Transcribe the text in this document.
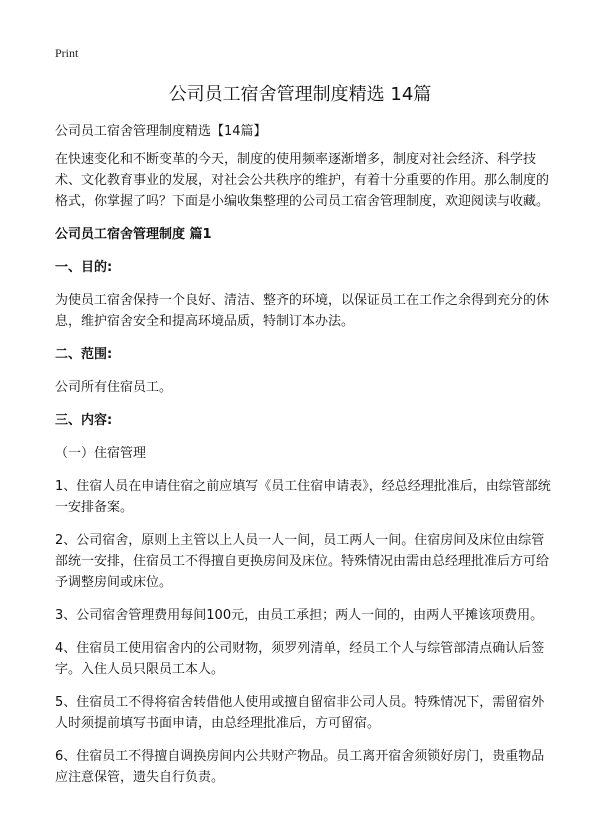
Print
公司员工宿舍管理制度精选 14篇

公司员工宿舍管理制度精选【14篇】

在快速变化和不断变革的今天，制度的使用频率逐渐增多，制度对社会经济、科学技术、文化教育事业的发展，对社会公共秩序的维护，有着十分重要的作用。那么制度的格式，你掌握了吗？下面是小编收集整理的公司员工宿舍管理制度，欢迎阅读与收藏。

公司员工宿舍管理制度 篇1

一、目的:

为使员工宿舍保持一个良好、清洁、整齐的环境，以保证员工在工作之余得到充分的休息，维护宿舍安全和提高环境品质，特制订本办法。

二、范围:

公司所有住宿员工。

三、内容:

（一）住宿管理

1、住宿人员在申请住宿之前应填写《员工住宿申请表》，经总经理批准后，由综管部统一安排备案。

2、公司宿舍，原则上主管以上人员一人一间，员工两人一间。住宿房间及床位由综管部统一安排，住宿员工不得擅自更换房间及床位。特殊情况由需由总经理批准后方可给予调整房间或床位。

3、公司宿舍管理费用每间100元，由员工承担；两人一间的，由两人平摊该项费用。

4、住宿员工使用宿舍内的公司财物，须罗列清单，经员工个人与综管部清点确认后签字。入住人员只限员工本人。

5、住宿员工不得将宿舍转借他人使用或擅自留宿非公司人员。特殊情况下，需留宿外人时须提前填写书面申请，由总经理批准后，方可留宿。

6、住宿员工不得擅自调换房间内公共财产物品。员工离开宿舍须锁好房门，贵重物品应注意保管，遗失自行负责。
